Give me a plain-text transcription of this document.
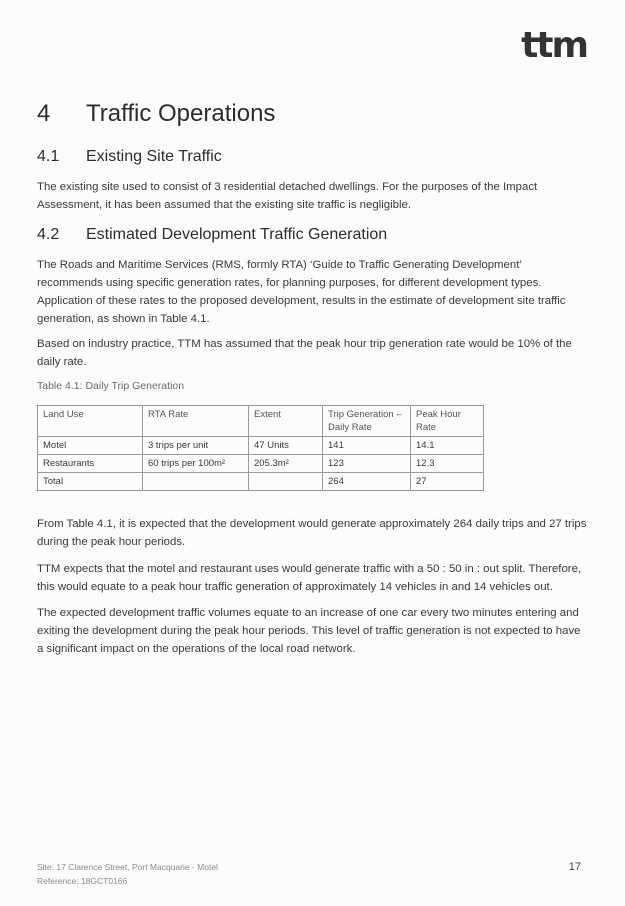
ttm
4 Traffic Operations
4.1 Existing Site Traffic

The existing site used to consist of 3 residential detached dwellings. For the purposes of the Impact Assessment, it has been assumed that the existing site traffic is negligible.

4.2 Estimated Development Traffic Generation

The Roads and Maritime Services (RMS, formly RTA) ‘Guide to Traffic Generating Development’ recommends using specific generation rates, for planning purposes, for different development types. Application of these rates to the proposed development, results in the estimate of development site traffic generation, as shown in Table 4.1.

Based on industry practice, TTM has assumed that the peak hour trip generation rate would be 10% of the daily rate.

Table 4.1: Daily Trip Generation
Land Use	RTA Rate	Extent	Trip Generation – Daily Rate	Peak Hour Rate
Motel	3 trips per unit	47 Units	141	14.1
Restaurants	60 trips per 100m²	205.3m²	123	12.3
Total			264	27

From Table 4.1, it is expected that the development would generate approximately 264 daily trips and 27 trips during the peak hour periods.

TTM expects that the motel and restaurant uses would generate traffic with a 50 : 50 in : out split. Therefore, this would equate to a peak hour traffic generation of approximately 14 vehicles in and 14 vehicles out.

The expected development traffic volumes equate to an increase of one car every two minutes entering and exiting the development during the peak hour periods. This level of traffic generation is not expected to have a significant impact on the operations of the local road network.

Site: 17 Clarence Street, Port Macquarie - Motel
Reference: 18GCT0166
17
